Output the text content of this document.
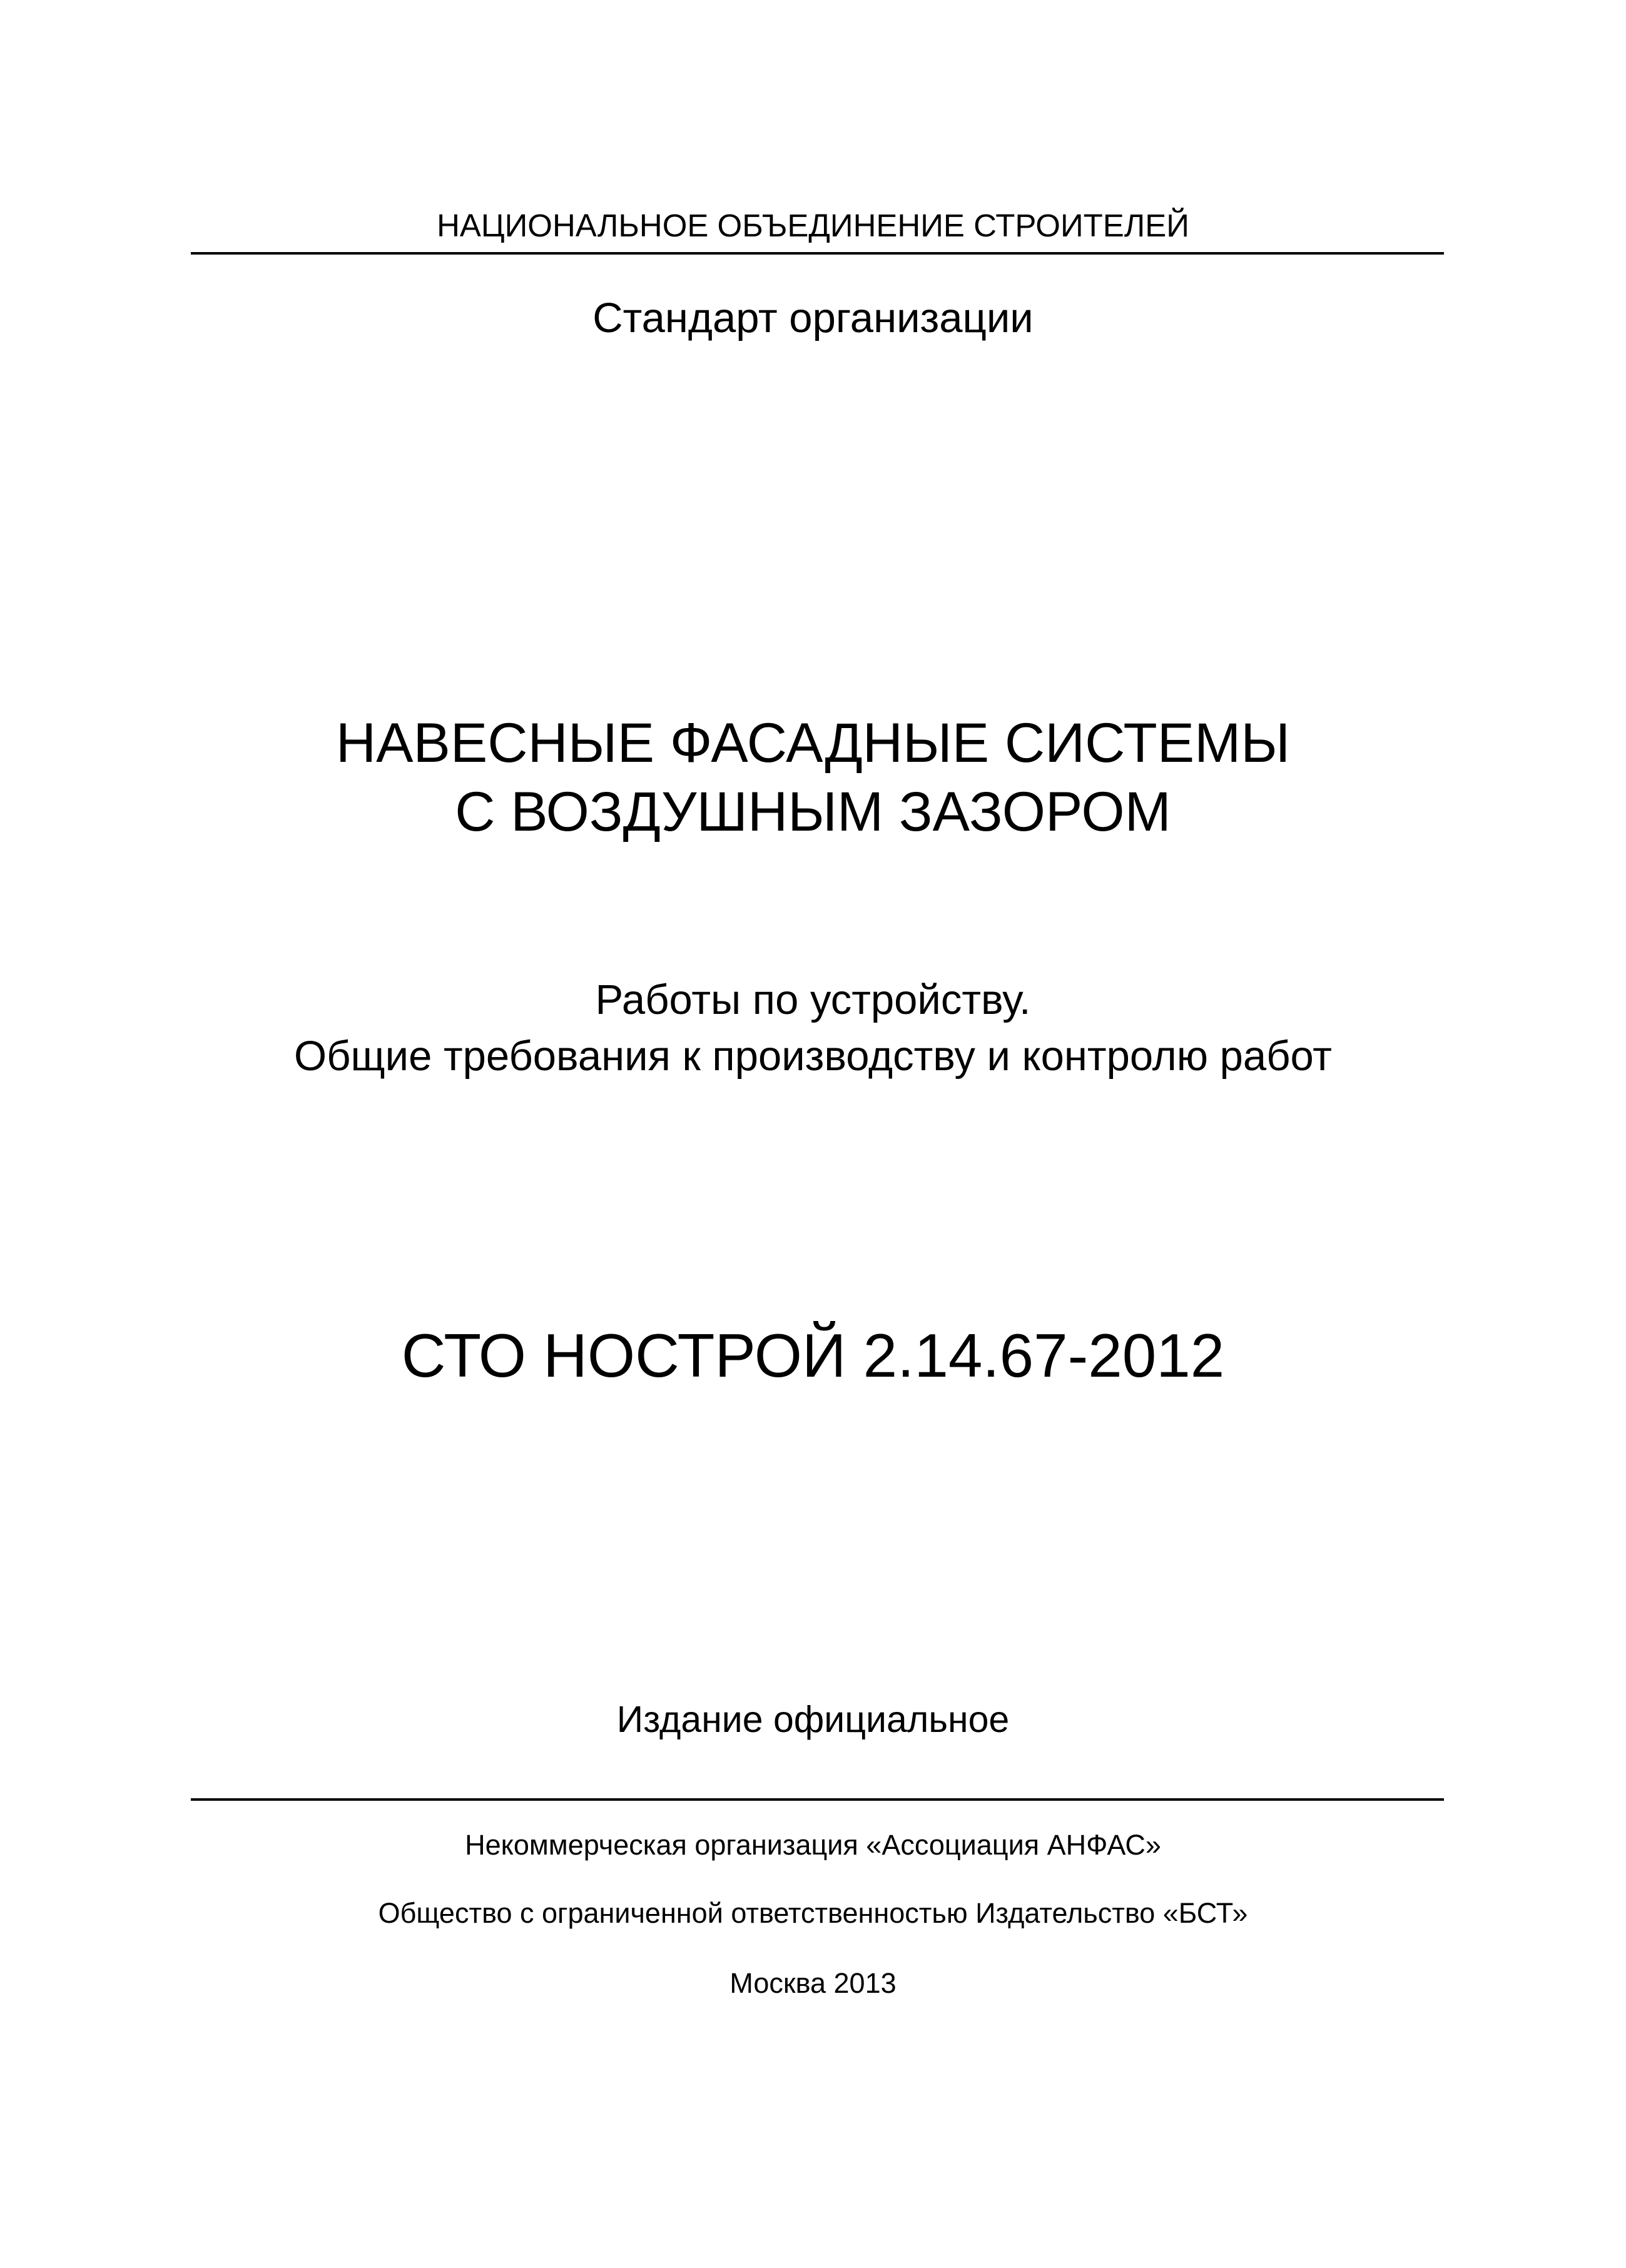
НАЦИОНАЛЬНОЕ ОБЪЕДИНЕНИЕ СТРОИТЕЛЕЙ
Стандарт организации
НАВЕСНЫЕ ФАСАДНЫЕ СИСТЕМЫ
С ВОЗДУШНЫМ ЗАЗОРОМ
Работы по устройству.
Общие требования к производству и контролю работ
СТО НОСТРОЙ 2.14.67-2012
Издание официальное
Некоммерческая организация «Ассоциация АНФАС»
Общество с ограниченной ответственностью Издательство «БСТ»
Москва 2013
